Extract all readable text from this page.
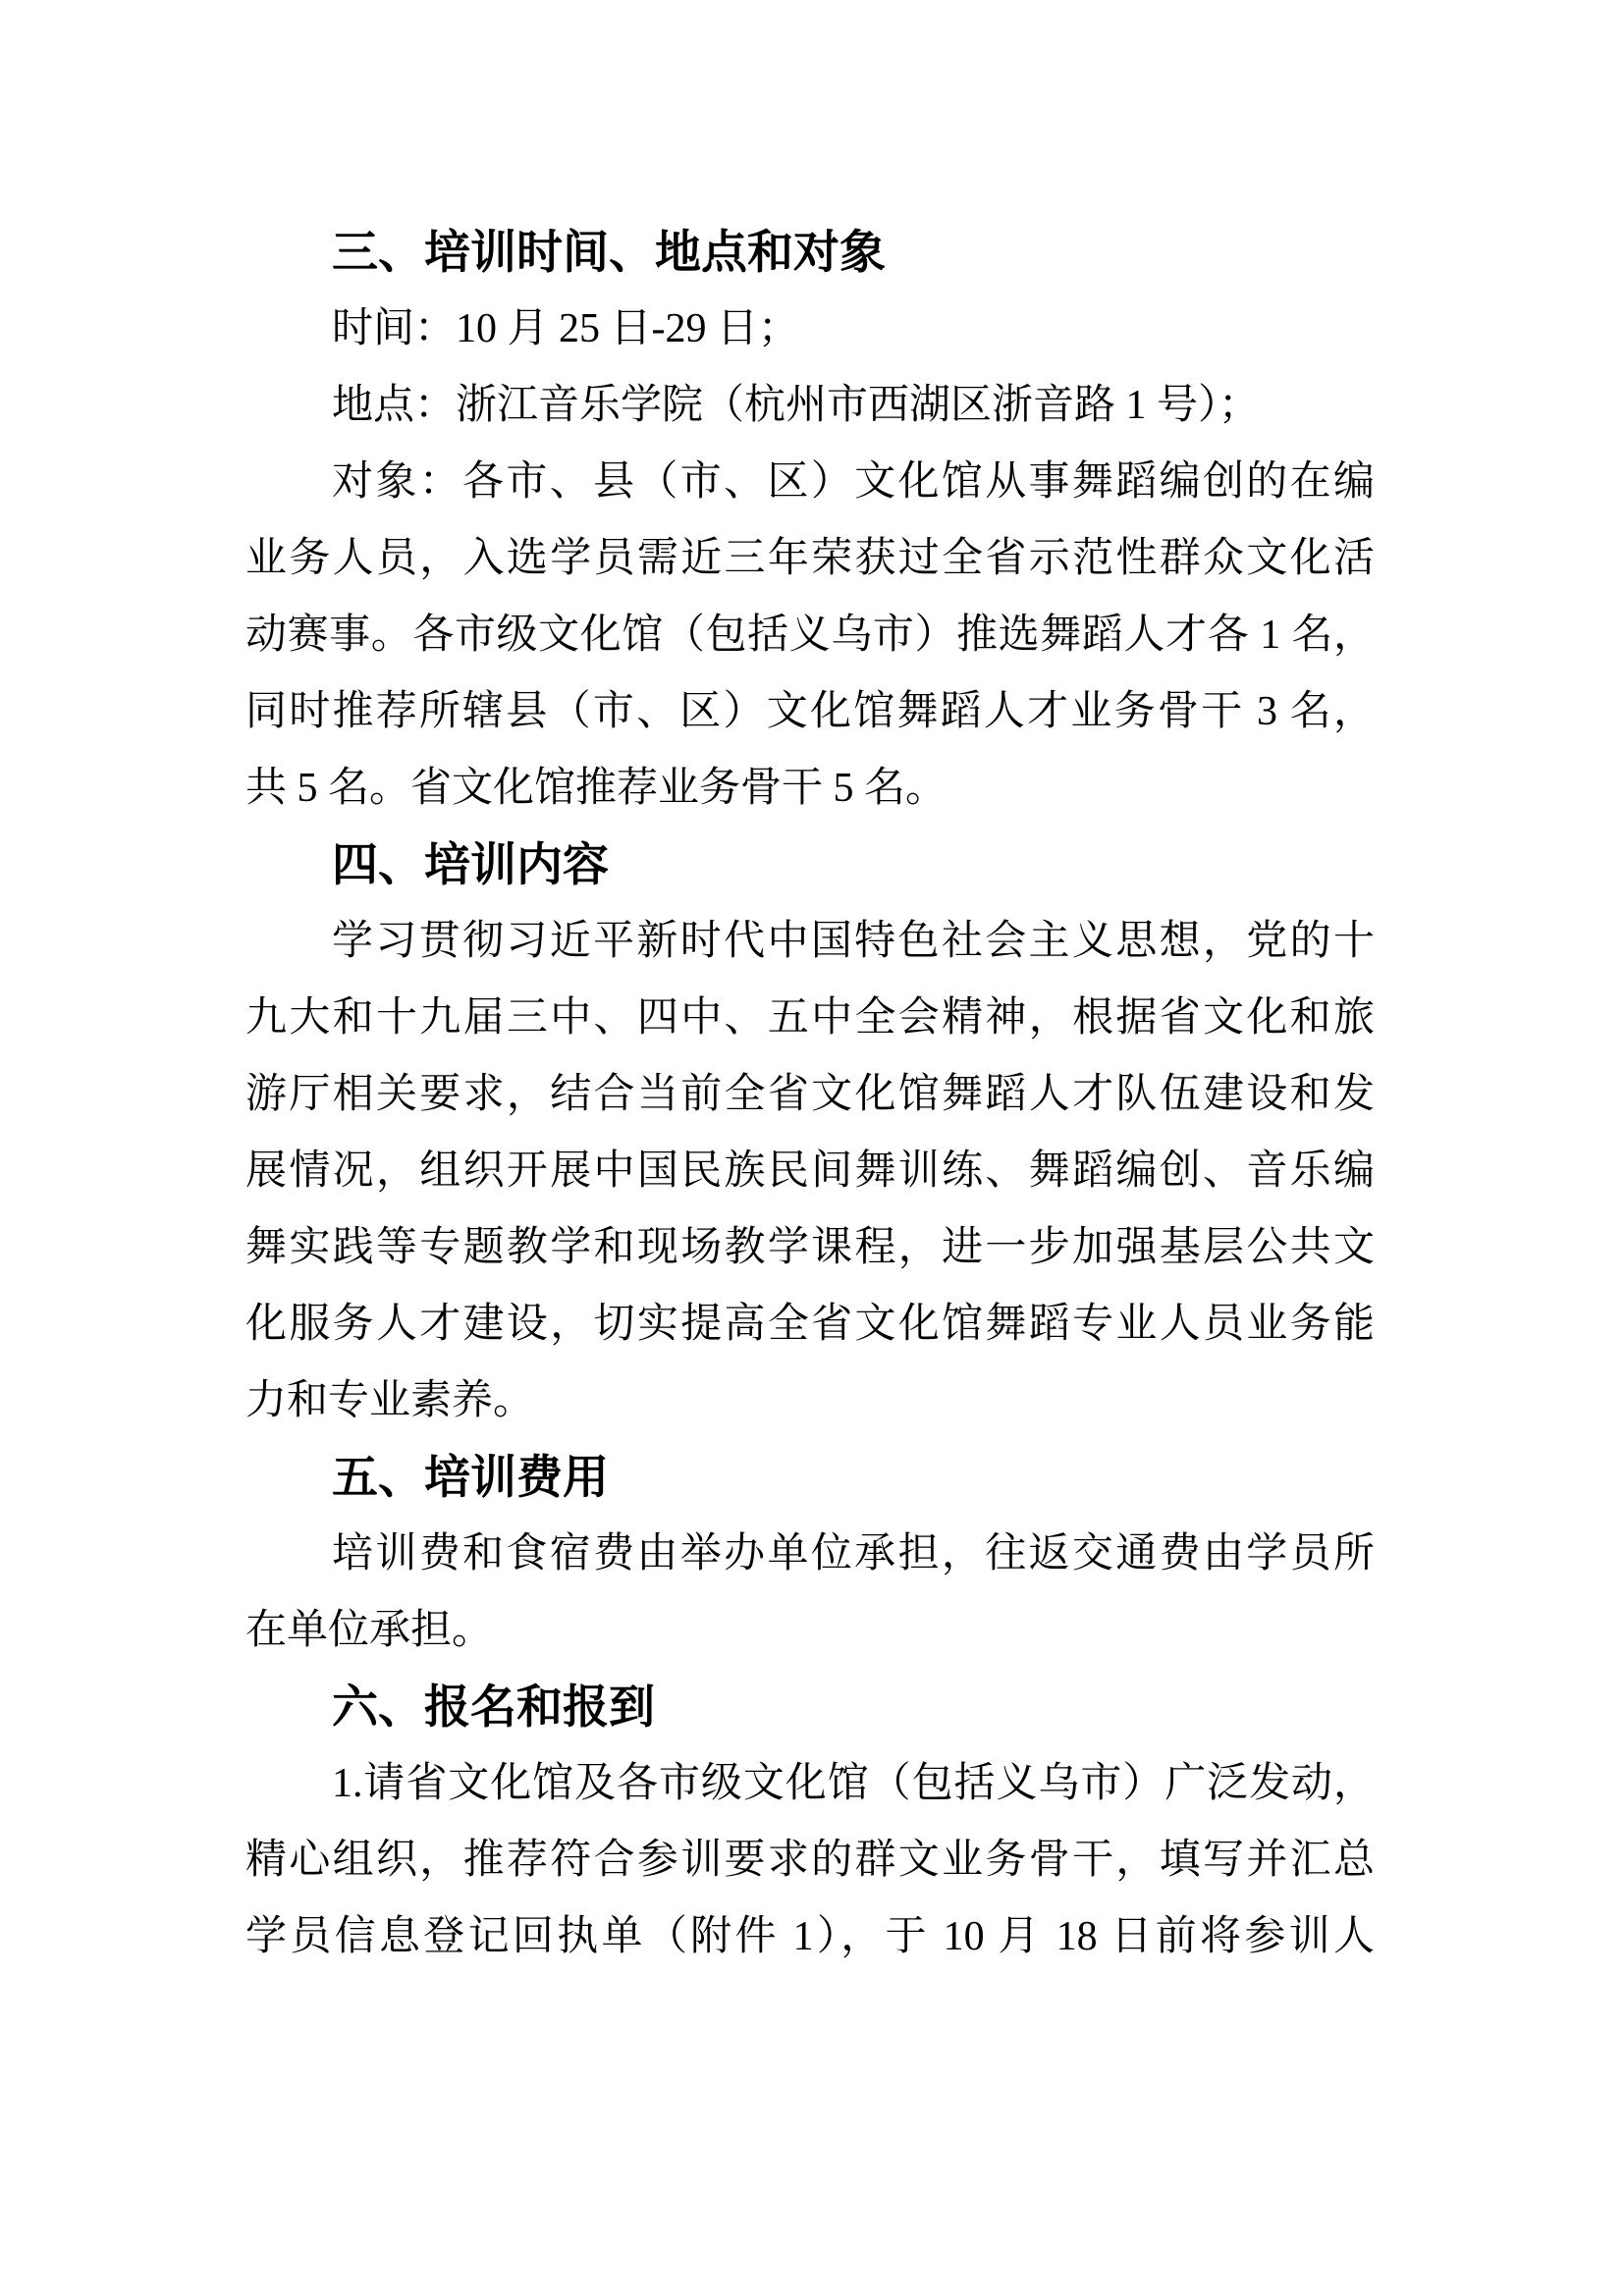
三、培训时间、地点和对象
时间：10 月 25 日-29 日；
地点：浙江音乐学院（杭州市西湖区浙音路 1 号）；
对象：各市、县（市、区）文化馆从事舞蹈编创的在编
业务人员，入选学员需近三年荣获过全省示范性群众文化活
动赛事。各市级文化馆（包括义乌市）推选舞蹈人才各 1 名，
同时推荐所辖县（市、区）文化馆舞蹈人才业务骨干 3 名，
共 5 名。省文化馆推荐业务骨干 5 名。
四、培训内容
学习贯彻习近平新时代中国特色社会主义思想，党的十
九大和十九届三中、四中、五中全会精神，根据省文化和旅
游厅相关要求，结合当前全省文化馆舞蹈人才队伍建设和发
展情况，组织开展中国民族民间舞训练、舞蹈编创、音乐编
舞实践等专题教学和现场教学课程，进一步加强基层公共文
化服务人才建设，切实提高全省文化馆舞蹈专业人员业务能
力和专业素养。
五、培训费用
培训费和食宿费由举办单位承担，往返交通费由学员所
在单位承担。
六、报名和报到
1.请省文化馆及各市级文化馆（包括义乌市）广泛发动，
精心组织，推荐符合参训要求的群文业务骨干，填写并汇总
学员信息登记回执单（附件 1），于 10 月 18 日前将参训人
